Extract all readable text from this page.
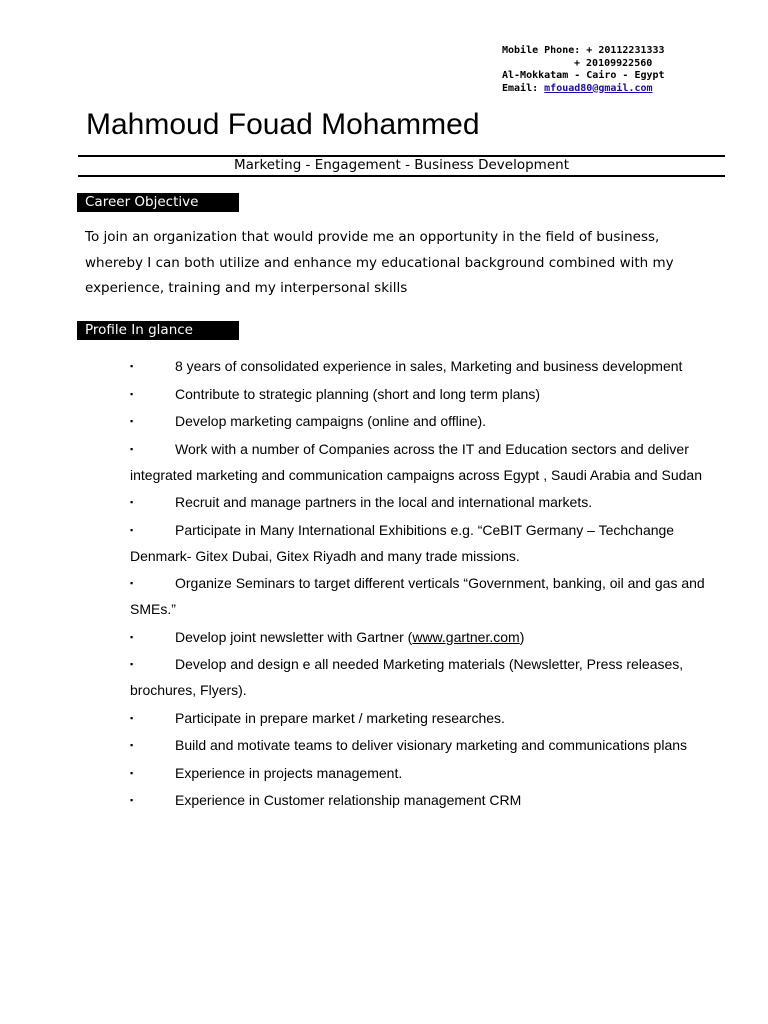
Mobile Phone: + 20112231333
+ 20109922560
Al-Mokkatam - Cairo - Egypt
Email: mfouad80@gmail.com
Mahmoud Fouad Mohammed
Marketing - Engagement - Business Development
Career Objective
To join an organization that would provide me an opportunity in the field of business, whereby I can both utilize and enhance my educational background combined with my experience, training and my interpersonal skills
Profile In glance
▪	8 years of consolidated experience in sales, Marketing and business development
▪	Contribute to strategic planning (short and long term plans)
▪	Develop marketing campaigns (online and offline).
▪	Work with a number of Companies across the IT and Education sectors and deliver integrated marketing and communication campaigns across Egypt , Saudi Arabia and Sudan
▪	Recruit and manage partners in the local and international markets.
▪	Participate in Many International Exhibitions e.g. “CeBIT Germany – Techchange Denmark- Gitex Dubai, Gitex Riyadh and many trade missions.
▪	Organize Seminars to target different verticals “Government, banking, oil and gas and SMEs.”
▪	Develop joint newsletter with Gartner (www.gartner.com)
▪	Develop and design e all needed Marketing materials (Newsletter, Press releases, brochures, Flyers).
▪	Participate in prepare market / marketing researches.
▪	Build and motivate teams to deliver visionary marketing and communications plans
▪	Experience in projects management.
▪	Experience in Customer relationship management CRM
